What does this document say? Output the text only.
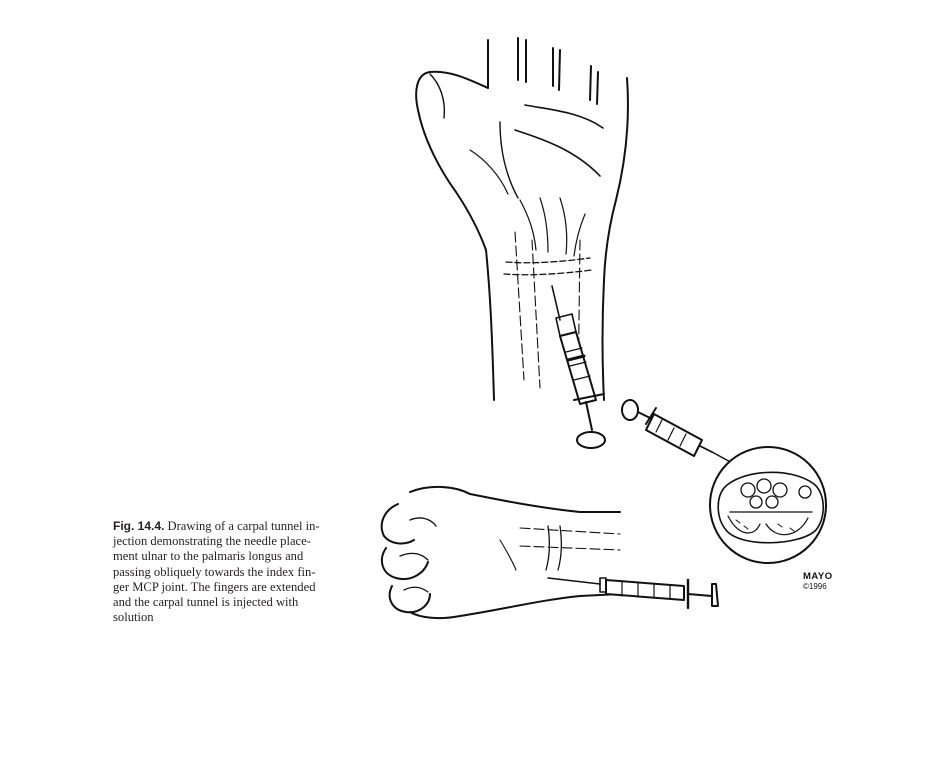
Fig. 14.4. Drawing of a carpal tunnel in-
jection demonstrating the needle place-
ment ulnar to the palmaris longus and
passing obliquely towards the index fin-
ger MCP joint. The fingers are extended
and the carpal tunnel is injected with
solution
MAYO
©1996
